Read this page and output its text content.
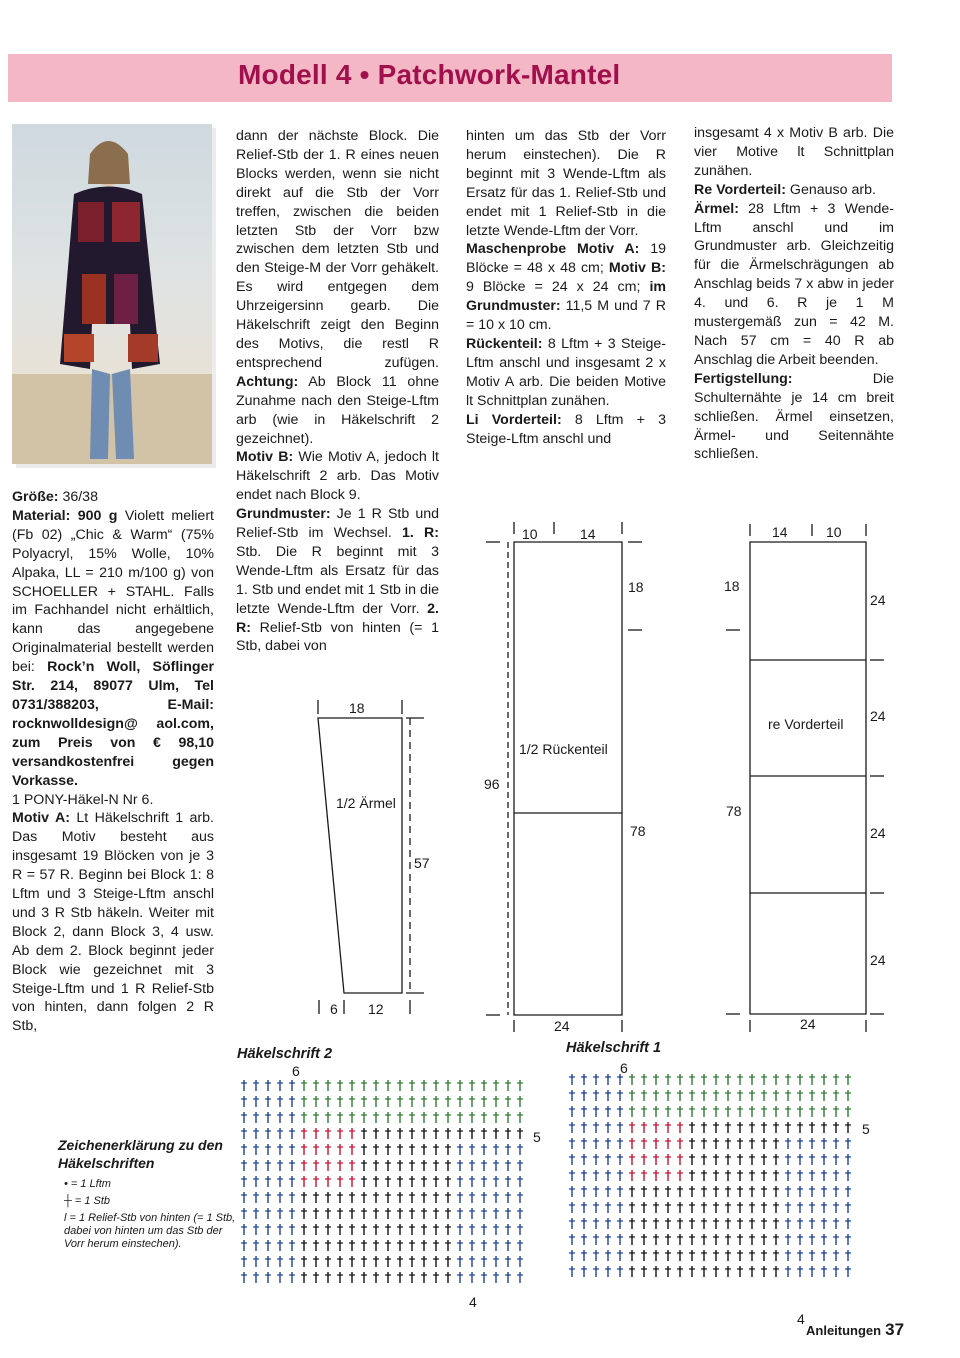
Modell 4 • Patchwork-Mantel

Größe: 36/38

Material: 900 g Violett meliert (Fb 02) „Chic & Warm“ (75% Polyacryl, 15% Wolle, 10% Alpaka, LL = 210 m/100 g) von SCHOELLER + STAHL. Falls im Fachhandel nicht erhältlich, kann das angegebene Originalmaterial bestellt werden bei: Rock’n Woll, Söflinger Str. 214, 89077 Ulm, Tel 0731/388203, E-Mail: rocknwolldesign@ aol.com, zum Preis von € 98,10 versandkostenfrei gegen Vorkasse.

1 PONY-Häkel-N Nr 6.

Motiv A: Lt Häkelschrift 1 arb. Das Motiv besteht aus insgesamt 19 Blöcken von je 3 R = 57 R. Beginn bei Block 1: 8 Lftm und 3 Steige-Lftm anschl und 3 R Stb häkeln. Weiter mit Block 2, dann Block 3, 4 usw. Ab dem 2. Block beginnt jeder Block wie gezeichnet mit 3 Steige-Lftm und 1 R Relief-Stb von hinten, dann folgen 2 R Stb,

dann der nächste Block. Die Relief-Stb der 1. R eines neuen Blocks werden, wenn sie nicht direkt auf die Stb der Vorr treffen, zwischen die beiden letzten Stb der Vorr bzw zwischen dem letzten Stb und den Steige-M der Vorr gehäkelt. Es wird entgegen dem Uhrzeigersinn gearb. Die Häkelschrift zeigt den Beginn des Motivs, die restl R entsprechend zufügen. Achtung: Ab Block 11 ohne Zunahme nach den Steige-Lftm arb (wie in Häkelschrift 2 gezeichnet).

Motiv B: Wie Motiv A, jedoch lt Häkelschrift 2 arb. Das Motiv endet nach Block 9.

Grundmuster: Je 1 R Stb und Relief-Stb im Wechsel. 1. R: Stb. Die R beginnt mit 3 Wende-Lftm als Ersatz für das 1. Stb und endet mit 1 Stb in die letzte Wende-Lftm der Vorr. 2. R: Relief-Stb von hinten (= 1 Stb, dabei von

hinten um das Stb der Vorr herum einstechen). Die R beginnt mit 3 Wende-Lftm als Ersatz für das 1. Relief-Stb und endet mit 1 Relief-Stb in die letzte Wende-Lftm der Vorr.

Maschenprobe Motiv A: 19 Blöcke = 48 x 48 cm; Motiv B: 9 Blöcke = 24 x 24 cm; im Grundmuster: 11,5 M und 7 R = 10 x 10 cm.

Rückenteil: 8 Lftm + 3 Steige-Lftm anschl und insgesamt 2 x Motiv A arb. Die beiden Motive lt Schnittplan zunähen.

Li Vorderteil: 8 Lftm + 3 Steige-Lftm anschl und

insgesamt 4 x Motiv B arb. Die vier Motive lt Schnittplan zunähen.

Re Vorderteil: Genauso arb.

Ärmel: 28 Lftm + 3 Wende-Lftm anschl und im Grundmuster arb. Gleichzeitig für die Ärmelschrägungen ab Anschlag beids 7 x abw in jeder 4. und 6. R je 1 M mustergemäß zun = 42 M. Nach 57 cm = 40 R ab Anschlag die Arbeit beenden.

Fertigstellung: Die Schulternähte je 14 cm breit schließen. Ärmel einsetzen, Ärmel- und Seitennähte schließen.

18
1/2 Ärmel
57
6 12
10	14
18
1/2 Rückenteil
96
78
24
14	10
18
24
re Vorderteil 24
78
24
24
24
6
5
4
6
5
4
Häkelschrift 2	Häkelschrift 1
Zeichenerklärung zu den Häkelschriften
• = 1 Lftm
┼ = 1 Stb
ɫ = 1 Relief-Stb von hinten (= 1 Stb, dabei von hinten um das Stb der Vorr herum einstechen).
Anleitungen 37
